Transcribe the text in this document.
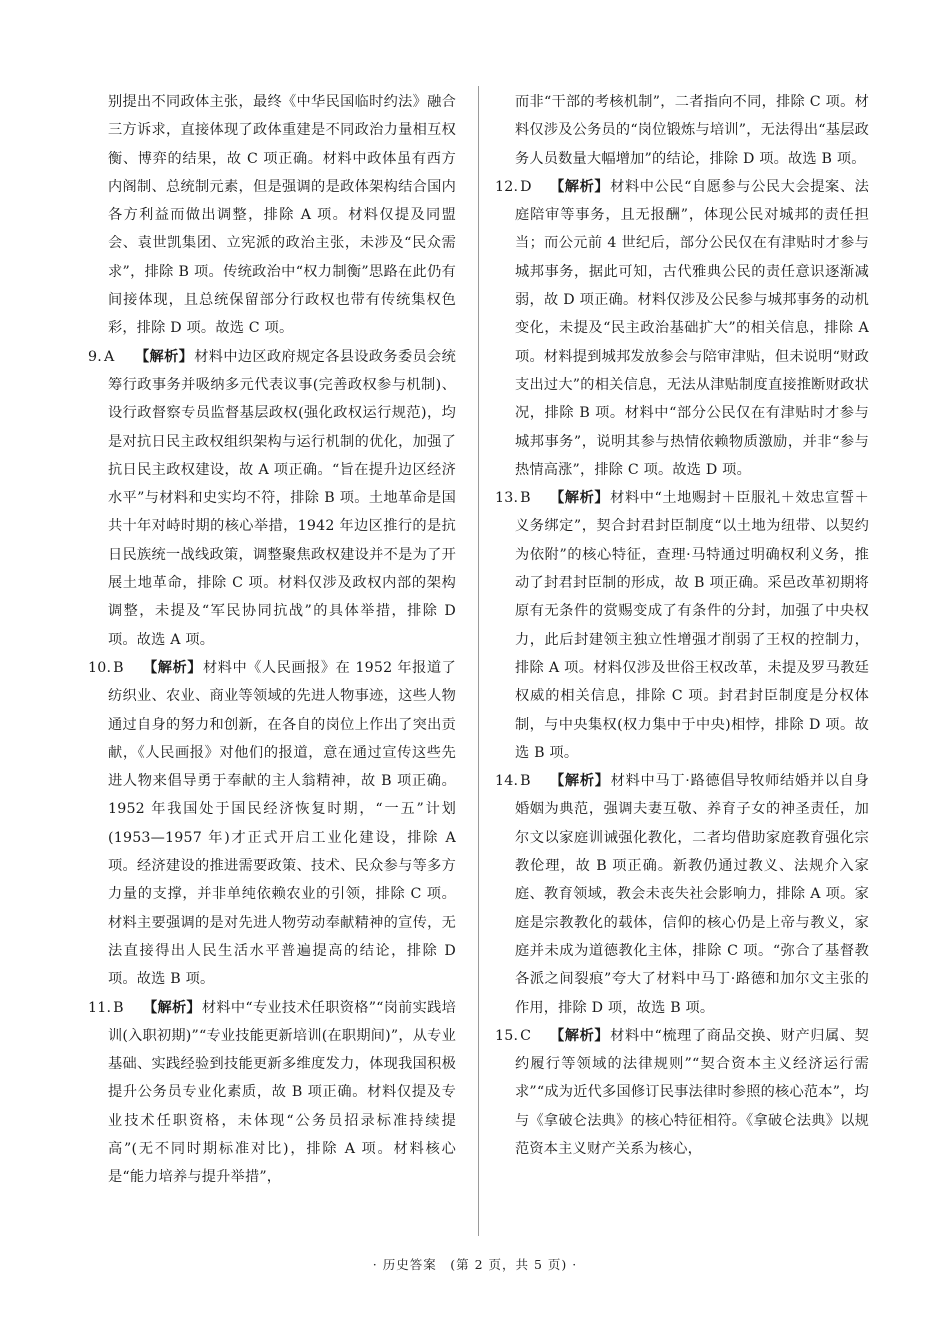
别提出不同政体主张，最终《中华民国临时约法》融合三方诉求，直接体现了政体重建是不同政治力量相互权衡、博弈的结果，故 C 项正确。材料中政体虽有西方内阁制、总统制元素，但是强调的是政体架构结合国内各方利益而做出调整，排除 A 项。材料仅提及同盟会、袁世凯集团、立宪派的政治主张，未涉及“民众需求”，排除 B 项。传统政治中“权力制衡”思路在此仍有间接体现，且总统保留部分行政权也带有传统集权色彩，排除 D 项。故选 C 项。
9. A	【解析】材料中边区政府规定各县设政务委员会统筹行政事务并吸纳多元代表议事(完善政权参与机制)、设行政督察专员监督基层政权(强化政权运行规范)，均是对抗日民主政权组织架构与运行机制的优化，加强了抗日民主政权建设，故 A 项正确。“旨在提升边区经济水平”与材料和史实均不符，排除 B 项。土地革命是国共十年对峙时期的核心举措，1942 年边区推行的是抗日民族统一战线政策，调整聚焦政权建设并不是为了开展土地革命，排除 C 项。材料仅涉及政权内部的架构调整，未提及“军民协同抗战”的具体举措，排除 D 项。故选 A 项。
10. B	【解析】材料中《人民画报》在 1952 年报道了纺织业、农业、商业等领域的先进人物事迹，这些人物通过自身的努力和创新，在各自的岗位上作出了突出贡献，《人民画报》对他们的报道，意在通过宣传这些先进人物来倡导勇于奉献的主人翁精神，故 B 项正确。1952 年我国处于国民经济恢复时期，“一五”计划(1953—1957 年)才正式开启工业化建设，排除 A 项。经济建设的推进需要政策、技术、民众参与等多方力量的支撑，并非单纯依赖农业的引领，排除 C 项。材料主要强调的是对先进人物劳动奉献精神的宣传，无法直接得出人民生活水平普遍提高的结论，排除 D 项。故选 B 项。
11. B	【解析】材料中“专业技术任职资格”“岗前实践培训(入职初期)”“专业技能更新培训(在职期间)”，从专业基础、实践经验到技能更新多维度发力，体现我国积极提升公务员专业化素质，故 B 项正确。材料仅提及专业技术任职资格，未体现“公务员招录标准持续提高”(无不同时期标准对比)，排除 A 项。材料核心是“能力培养与提升举措”，
而非“干部的考核机制”，二者指向不同，排除 C 项。材料仅涉及公务员的“岗位锻炼与培训”，无法得出“基层政务人员数量大幅增加”的结论，排除 D 项。故选 B 项。
12. D	【解析】材料中公民“自愿参与公民大会提案、法庭陪审等事务，且无报酬”，体现公民对城邦的责任担当；而公元前 4 世纪后，部分公民仅在有津贴时才参与城邦事务，据此可知，古代雅典公民的责任意识逐渐减弱，故 D 项正确。材料仅涉及公民参与城邦事务的动机变化，未提及“民主政治基础扩大”的相关信息，排除 A 项。材料提到城邦发放参会与陪审津贴，但未说明“财政支出过大”的相关信息，无法从津贴制度直接推断财政状况，排除 B 项。材料中“部分公民仅在有津贴时才参与城邦事务”，说明其参与热情依赖物质激励，并非“参与热情高涨”，排除 C 项。故选 D 项。
13. B	【解析】材料中“土地赐封＋臣服礼＋效忠宣誓＋义务绑定”，契合封君封臣制度“以土地为纽带、以契约为依附”的核心特征，查理·马特通过明确权利义务，推动了封君封臣制的形成，故 B 项正确。采邑改革初期将原有无条件的赏赐变成了有条件的分封，加强了中央权力，此后封建领主独立性增强才削弱了王权的控制力，排除 A 项。材料仅涉及世俗王权改革，未提及罗马教廷权威的相关信息，排除 C 项。封君封臣制度是分权体制，与中央集权(权力集中于中央)相悖，排除 D 项。故选 B 项。
14. B	【解析】材料中马丁·路德倡导牧师结婚并以自身婚姻为典范，强调夫妻互敬、养育子女的神圣责任，加尔文以家庭训诫强化教化，二者均借助家庭教育强化宗教伦理，故 B 项正确。新教仍通过教义、法规介入家庭、教育领域，教会未丧失社会影响力，排除 A 项。家庭是宗教教化的载体，信仰的核心仍是上帝与教义，家庭并未成为道德教化主体，排除 C 项。“弥合了基督教各派之间裂痕”夸大了材料中马丁·路德和加尔文主张的作用，排除 D 项，故选 B 项。
15. C	【解析】材料中“梳理了商品交换、财产归属、契约履行等领域的法律规则”“契合资本主义经济运行需求”“成为近代多国修订民事法律时参照的核心范本”，均与《拿破仑法典》的核心特征相符。《拿破仑法典》以规范资本主义财产关系为核心，
· 历史答案　(第 2 页，共 5 页) ·
